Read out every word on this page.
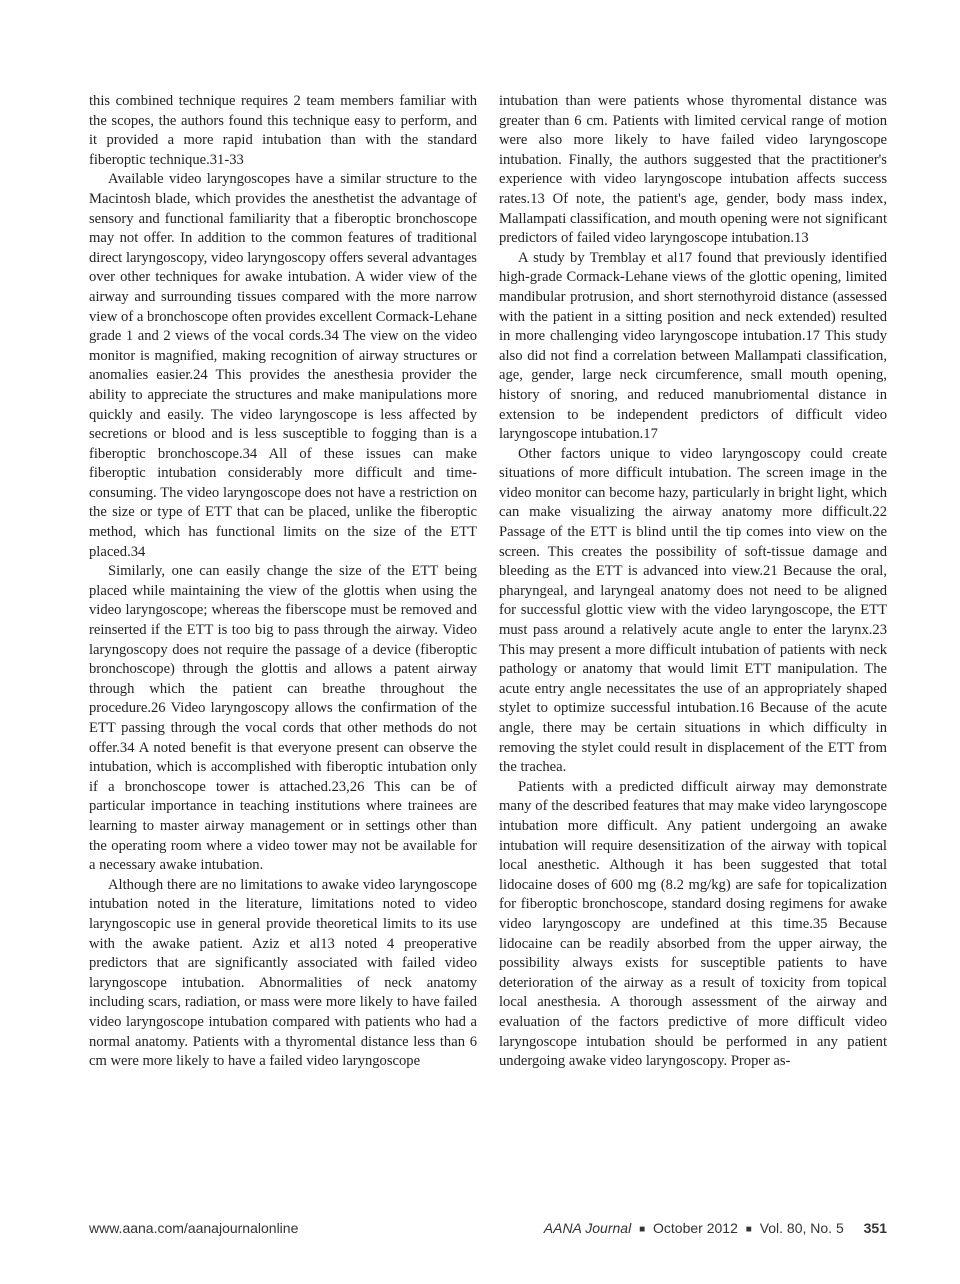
this combined technique requires 2 team members familiar with the scopes, the authors found this technique easy to perform, and it provided a more rapid intubation than with the standard fiberoptic technique.31-33

Available video laryngoscopes have a similar structure to the Macintosh blade, which provides the anesthetist the advantage of sensory and functional familiarity that a fiberoptic bronchoscope may not offer. In addition to the common features of traditional direct laryngoscopy, video laryngoscopy offers several advantages over other techniques for awake intubation. A wider view of the airway and surrounding tissues compared with the more narrow view of a bronchoscope often provides excellent Cormack-Lehane grade 1 and 2 views of the vocal cords.34 The view on the video monitor is magnified, making recognition of airway structures or anomalies easier.24 This provides the anesthesia provider the ability to appreciate the structures and make manipulations more quickly and easily. The video laryngoscope is less affected by secretions or blood and is less susceptible to fogging than is a fiberoptic bronchoscope.34 All of these issues can make fiberoptic intubation considerably more difficult and time-consuming. The video laryngoscope does not have a restriction on the size or type of ETT that can be placed, unlike the fiberoptic method, which has functional limits on the size of the ETT placed.34

Similarly, one can easily change the size of the ETT being placed while maintaining the view of the glottis when using the video laryngoscope; whereas the fiberscope must be removed and reinserted if the ETT is too big to pass through the airway. Video laryngoscopy does not require the passage of a device (fiberoptic bronchoscope) through the glottis and allows a patent airway through which the patient can breathe throughout the procedure.26 Video laryngoscopy allows the confirmation of the ETT passing through the vocal cords that other methods do not offer.34 A noted benefit is that everyone present can observe the intubation, which is accomplished with fiberoptic intubation only if a bronchoscope tower is attached.23,26 This can be of particular importance in teaching institutions where trainees are learning to master airway management or in settings other than the operating room where a video tower may not be available for a necessary awake intubation.

Although there are no limitations to awake video laryngoscope intubation noted in the literature, limitations noted to video laryngoscopic use in general provide theoretical limits to its use with the awake patient. Aziz et al13 noted 4 preoperative predictors that are significantly associated with failed video laryngoscope intubation. Abnormalities of neck anatomy including scars, radiation, or mass were more likely to have failed video laryngoscope intubation compared with patients who had a normal anatomy. Patients with a thyromental distance less than 6 cm were more likely to have a failed video laryngoscope

intubation than were patients whose thyromental distance was greater than 6 cm. Patients with limited cervical range of motion were also more likely to have failed video laryngoscope intubation. Finally, the authors suggested that the practitioner's experience with video laryngoscope intubation affects success rates.13 Of note, the patient's age, gender, body mass index, Mallampati classification, and mouth opening were not significant predictors of failed video laryngoscope intubation.13

A study by Tremblay et al17 found that previously identified high-grade Cormack-Lehane views of the glottic opening, limited mandibular protrusion, and short sternothyroid distance (assessed with the patient in a sitting position and neck extended) resulted in more challenging video laryngoscope intubation.17 This study also did not find a correlation between Mallampati classification, age, gender, large neck circumference, small mouth opening, history of snoring, and reduced manubriomental distance in extension to be independent predictors of difficult video laryngoscope intubation.17

Other factors unique to video laryngoscopy could create situations of more difficult intubation. The screen image in the video monitor can become hazy, particularly in bright light, which can make visualizing the airway anatomy more difficult.22 Passage of the ETT is blind until the tip comes into view on the screen. This creates the possibility of soft-tissue damage and bleeding as the ETT is advanced into view.21 Because the oral, pharyngeal, and laryngeal anatomy does not need to be aligned for successful glottic view with the video laryngoscope, the ETT must pass around a relatively acute angle to enter the larynx.23 This may present a more difficult intubation of patients with neck pathology or anatomy that would limit ETT manipulation. The acute entry angle necessitates the use of an appropriately shaped stylet to optimize successful intubation.16 Because of the acute angle, there may be certain situations in which difficulty in removing the stylet could result in displacement of the ETT from the trachea.

Patients with a predicted difficult airway may demonstrate many of the described features that may make video laryngoscope intubation more difficult. Any patient undergoing an awake intubation will require desensitization of the airway with topical local anesthetic. Although it has been suggested that total lidocaine doses of 600 mg (8.2 mg/kg) are safe for topicalization for fiberoptic bronchoscope, standard dosing regimens for awake video laryngoscopy are undefined at this time.35 Because lidocaine can be readily absorbed from the upper airway, the possibility always exists for susceptible patients to have deterioration of the airway as a result of toxicity from topical local anesthesia. A thorough assessment of the airway and evaluation of the factors predictive of more difficult video laryngoscope intubation should be performed in any patient undergoing awake video laryngoscopy. Proper as-

www.aana.com/aanajournalonline	AANA Journal ■ October 2012 ■ Vol. 80, No. 5 351
